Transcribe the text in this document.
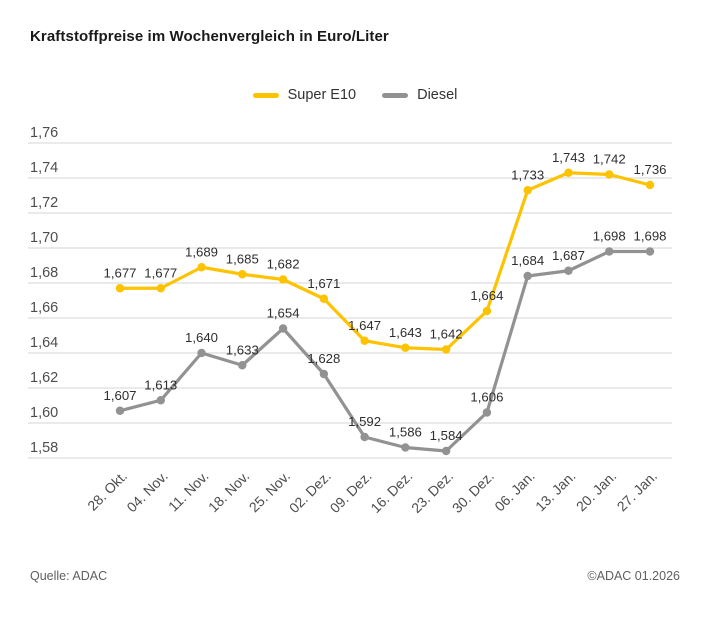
Kraftstoffpreise im Wochenvergleich in Euro/Liter
Super E10	Diesel
1,76
1,74
1,72
1,70
1,68
1,66
1,64
1,62
1,60
1,58
28. Okt.
04. Nov.
11. Nov.
18. Nov.
25. Nov.
02. Dez.
09. Dez.
16. Dez.
23. Dez.
30. Dez.
06. Jan.
13. Jan.
20. Jan.
27. Jan.
1,677 1,677
1,689 1,685 1,682
1,671
1,647 1,643 1,642
1,664
1,733
1,743 1,742
1,736
1,607
1,613
1,640
1,633
1,654
1,628
1,592
1,586 1,584
1,606
1,684 1,687
1,698 1,698
Quelle: ADAC	©ADAC 01.2026
